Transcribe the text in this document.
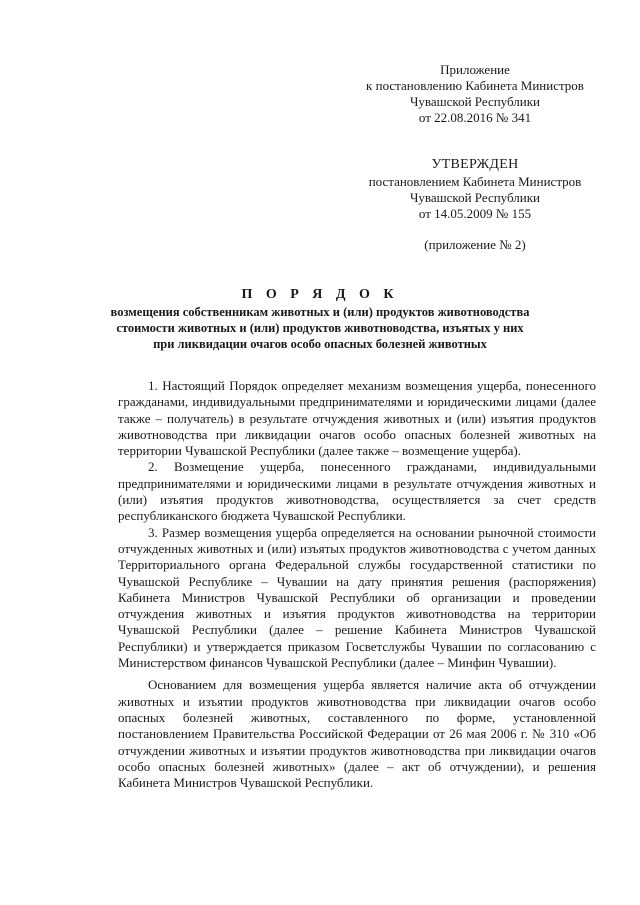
Приложение
к постановлению Кабинета Министров
Чувашской Республики
от 22.08.2016 № 341
УТВЕРЖДЕН
постановлением Кабинета Министров
Чувашской Республики
от 14.05.2009 № 155
(приложение № 2)
П О Р Я Д О К
возмещения собственникам животных и (или) продуктов животноводства
стоимости животных и (или) продуктов животноводства, изъятых у них
при ликвидации очагов особо опасных болезней животных

1. Настоящий Порядок определяет механизм возмещения ущерба, понесенного гражданами, индивидуальными предпринимателями и юридическими лицами (далее также – получатель) в результате отчуждения животных и (или) изъятия продуктов животноводства при ликвидации очагов особо опасных болезней животных на территории Чувашской Республики (далее также – возмещение ущерба).

2. Возмещение ущерба, понесенного гражданами, индивидуальными предпринимателями и юридическими лицами в результате отчуждения животных и (или) изъятия продуктов животноводства, осуществляется за счет средств республиканского бюджета Чувашской Республики.

3. Размер возмещения ущерба определяется на основании рыночной стоимости отчужденных животных и (или) изъятых продуктов животноводства с учетом данных Территориального органа Федеральной службы государственной статистики по Чувашской Республике – Чувашии на дату принятия решения (распоряжения) Кабинета Министров Чувашской Республики об организации и проведении отчуждения животных и изъятия продуктов животноводства на территории Чувашской Республики (далее – решение Кабинета Министров Чувашской Республики) и утверждается приказом Госветслужбы Чувашии по согласованию с Министерством финансов Чувашской Республики (далее – Минфин Чувашии).

Основанием для возмещения ущерба является наличие акта об отчуждении животных и изъятии продуктов животноводства при ликвидации очагов особо опасных болезней животных, составленного по форме, установленной постановлением Правительства Российской Федерации от 26 мая 2006 г. № 310 «Об отчуждении животных и изъятии продуктов животноводства при ликвидации очагов особо опасных болезней животных» (далее – акт об отчуждении), и решения Кабинета Министров Чувашской Республики.
